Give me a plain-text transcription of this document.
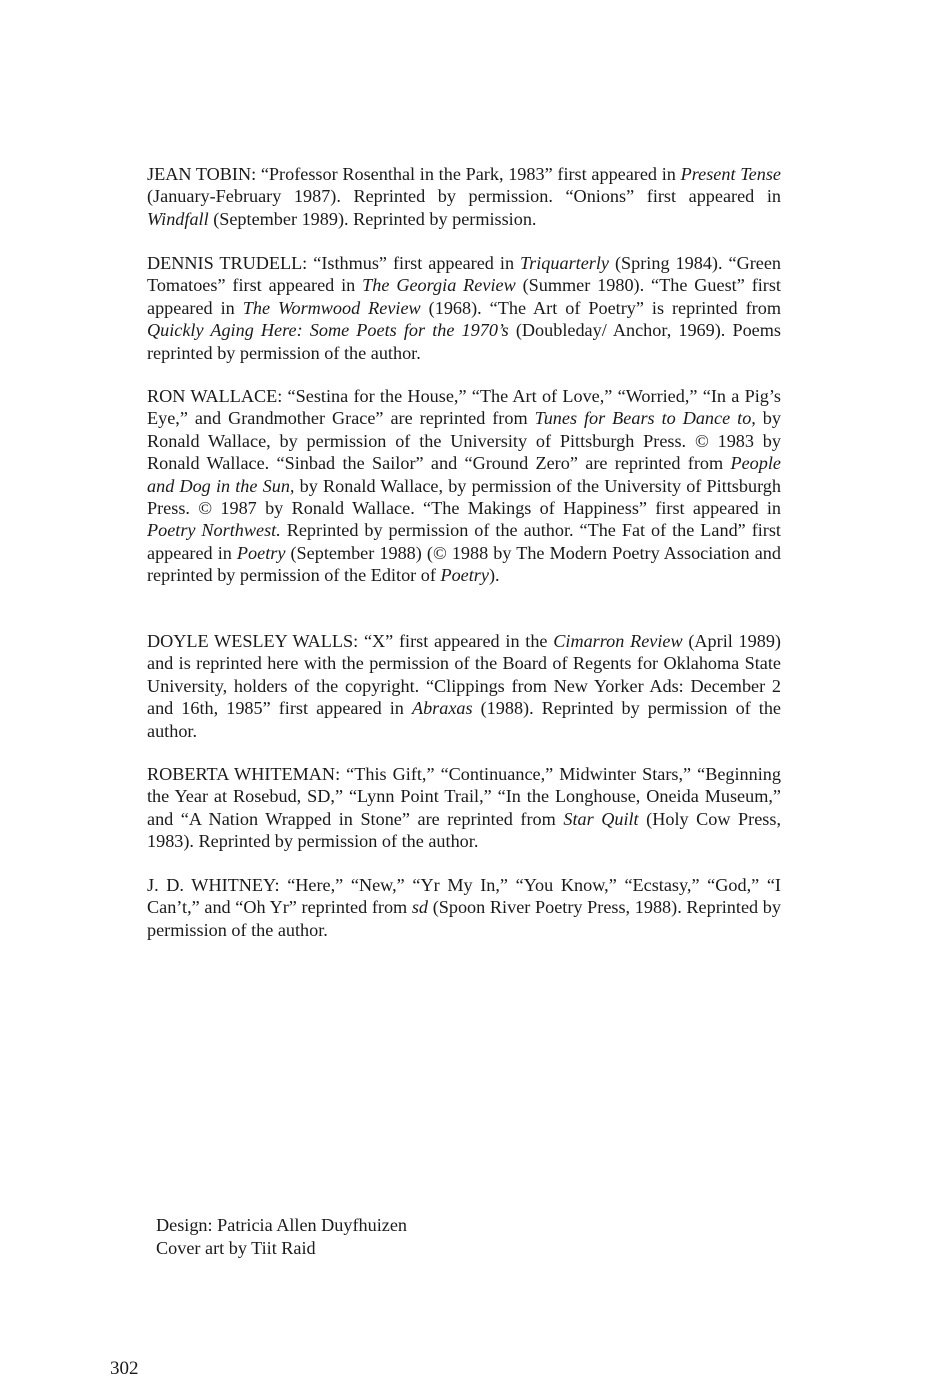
JEAN TOBIN: “Professor Rosenthal in the Park, 1983” first appeared in Present Tense (January-February 1987). Reprinted by permission. “Onions” first appeared in Windfall (September 1989). Reprinted by permission.

DENNIS TRUDELL: “Isthmus” first appeared in Triquarterly (Spring 1984). “Green Tomatoes” first appeared in The Georgia Review (Summer 1980). “The Guest” first appeared in The Wormwood Review (1968). “The Art of Poetry” is reprinted from Quickly Aging Here: Some Poets for the 1970’s (Doubleday/ Anchor, 1969). Poems reprinted by permission of the author.

RON WALLACE: “Sestina for the House,” “The Art of Love,” “Worried,” “In a Pig’s Eye,” and Grandmother Grace” are reprinted from Tunes for Bears to Dance to, by Ronald Wallace, by permission of the University of Pittsburgh Press. © 1983 by Ronald Wallace. “Sinbad the Sailor” and “Ground Zero” are reprinted from People and Dog in the Sun, by Ronald Wallace, by permission of the University of Pittsburgh Press. © 1987 by Ronald Wallace. “The Makings of Happiness” first appeared in Poetry Northwest. Reprinted by permission of the author. “The Fat of the Land” first appeared in Poetry (September 1988) (© 1988 by The Modern Poetry Association and reprinted by permission of the Editor of Poetry).

DOYLE WESLEY WALLS: “X” first appeared in the Cimarron Review (April 1989) and is reprinted here with the permission of the Board of Regents for Oklahoma State University, holders of the copyright. “Clippings from New Yorker Ads: December 2 and 16th, 1985” first appeared in Abraxas (1988). Reprinted by permission of the author.

ROBERTA WHITEMAN: “This Gift,” “Continuance,” Midwinter Stars,” “Beginning the Year at Rosebud, SD,” “Lynn Point Trail,” “In the Longhouse, Oneida Museum,” and “A Nation Wrapped in Stone” are reprinted from Star Quilt (Holy Cow Press, 1983). Reprinted by permission of the author.

J. D. WHITNEY: “Here,” “New,” “Yr My In,” “You Know,” “Ecstasy,” “God,” “I Can’t,” and “Oh Yr” reprinted from sd (Spoon River Poetry Press, 1988). Reprinted by permission of the author.

Design: Patricia Allen Duyfhuizen
Cover art by Tiit Raid
302
